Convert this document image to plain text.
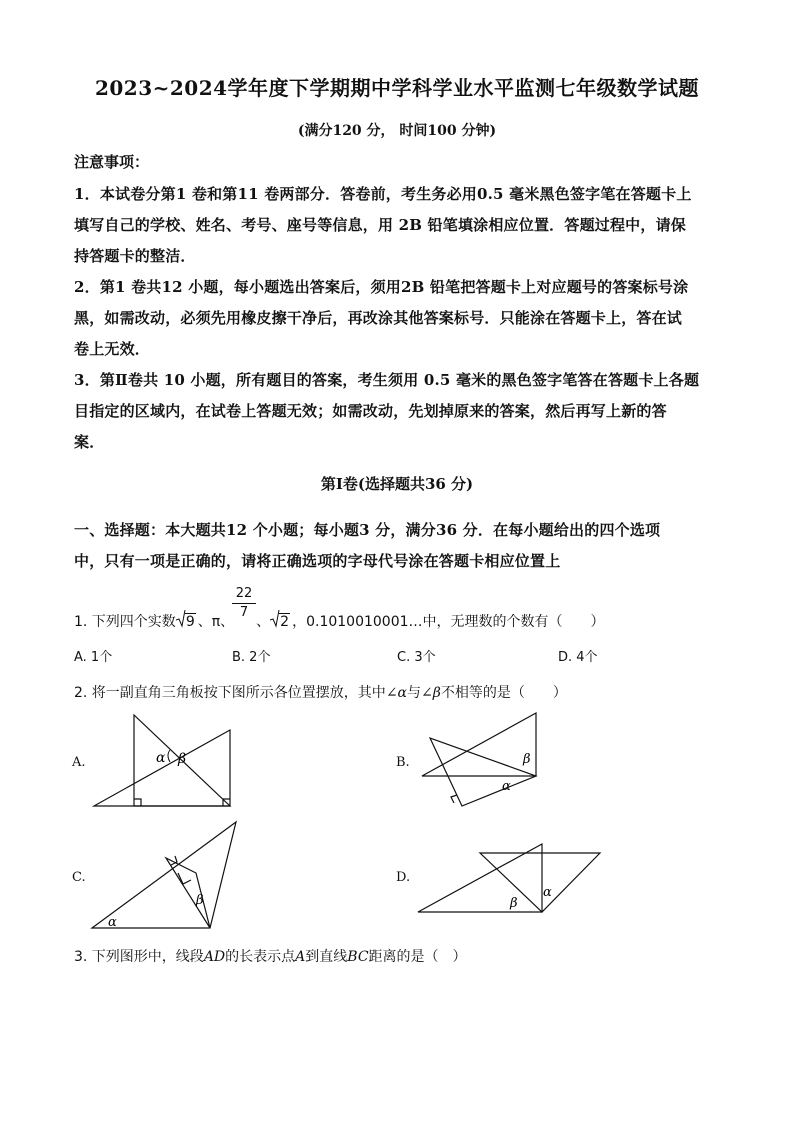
2023~2024学年度下学期期中学科学业水平监测七年级数学试题
(满分120 分， 时间100 分钟)
注意事项：
1．本试卷分第1 卷和第11 卷两部分．答卷前，考生务必用0.5 毫米黑色签字笔在答题卡上
填写自己的学校、姓名、考号、座号等信息，用 2B 铅笔填涂相应位置．答题过程中，请保
持答题卡的整洁．
2．第1 卷共12 小题，每小题选出答案后，须用2B 铅笔把答题卡上对应题号的答案标号涂
黑，如需改动，必须先用橡皮擦干净后，再改涂其他答案标号．只能涂在答题卡上，答在试
卷上无效．
3．第Ⅱ卷共 10 小题，所有题目的答案，考生须用 0.5 毫米的黑色签字笔答在答题卡上各题
目指定的区域内，在试卷上答题无效；如需改动，先划掉原来的答案，然后再写上新的答
案．
第Ⅰ卷(选择题共36 分)
一、选择题：本大题共12 个小题；每小题3 分，满分36 分．在每小题给出的四个选项
中，只有一项是正确的，请将正确选项的字母代号涂在答题卡相应位置上
1. 下列四个实数 9 、π、 、 2 ，0.1010010001…中，无理数的个数有（　　）
22
7
A. 1个	B. 2个	C. 3个	D. 4个
2. 将一副直角三角板按下图所示各位置摆放，其中∠α与∠β不相等的是（　　）
A.	B.
C.	D.
α β	β
α
α
β	β
α
3. 下列图形中，线段AD的长表示点A到直线BC距离的是（　）
